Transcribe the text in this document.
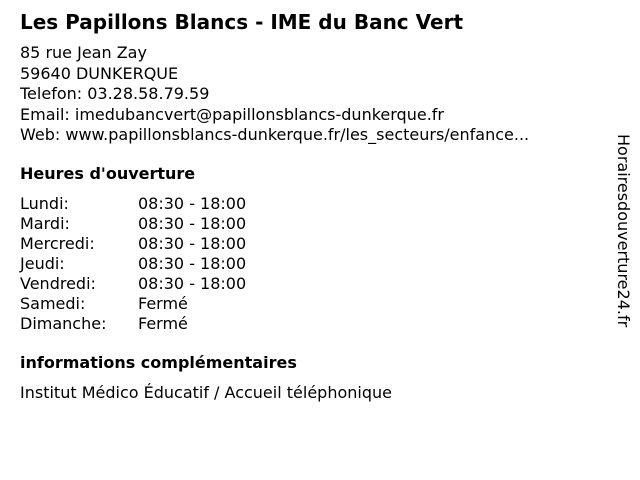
Les Papillons Blancs - IME du Banc Vert
85 rue Jean Zay
59640 DUNKERQUE
Telefon: 03.28.58.79.59
Email: imedubancvert@papillonsblancs-dunkerque.fr
Web: www.papillonsblancs-dunkerque.fr/les_secteurs/enfance...
Heures d'ouverture
Lundi:	08:30 - 18:00
Mardi:	08:30 - 18:00
Mercredi:	08:30 - 18:00
Jeudi:	08:30 - 18:00
Vendredi:	08:30 - 18:00
Samedi:	Fermé
Dimanche:	Fermé
informations complémentaires
Institut Médico Éducatif / Accueil téléphonique
Horairesdouverture24.fr
